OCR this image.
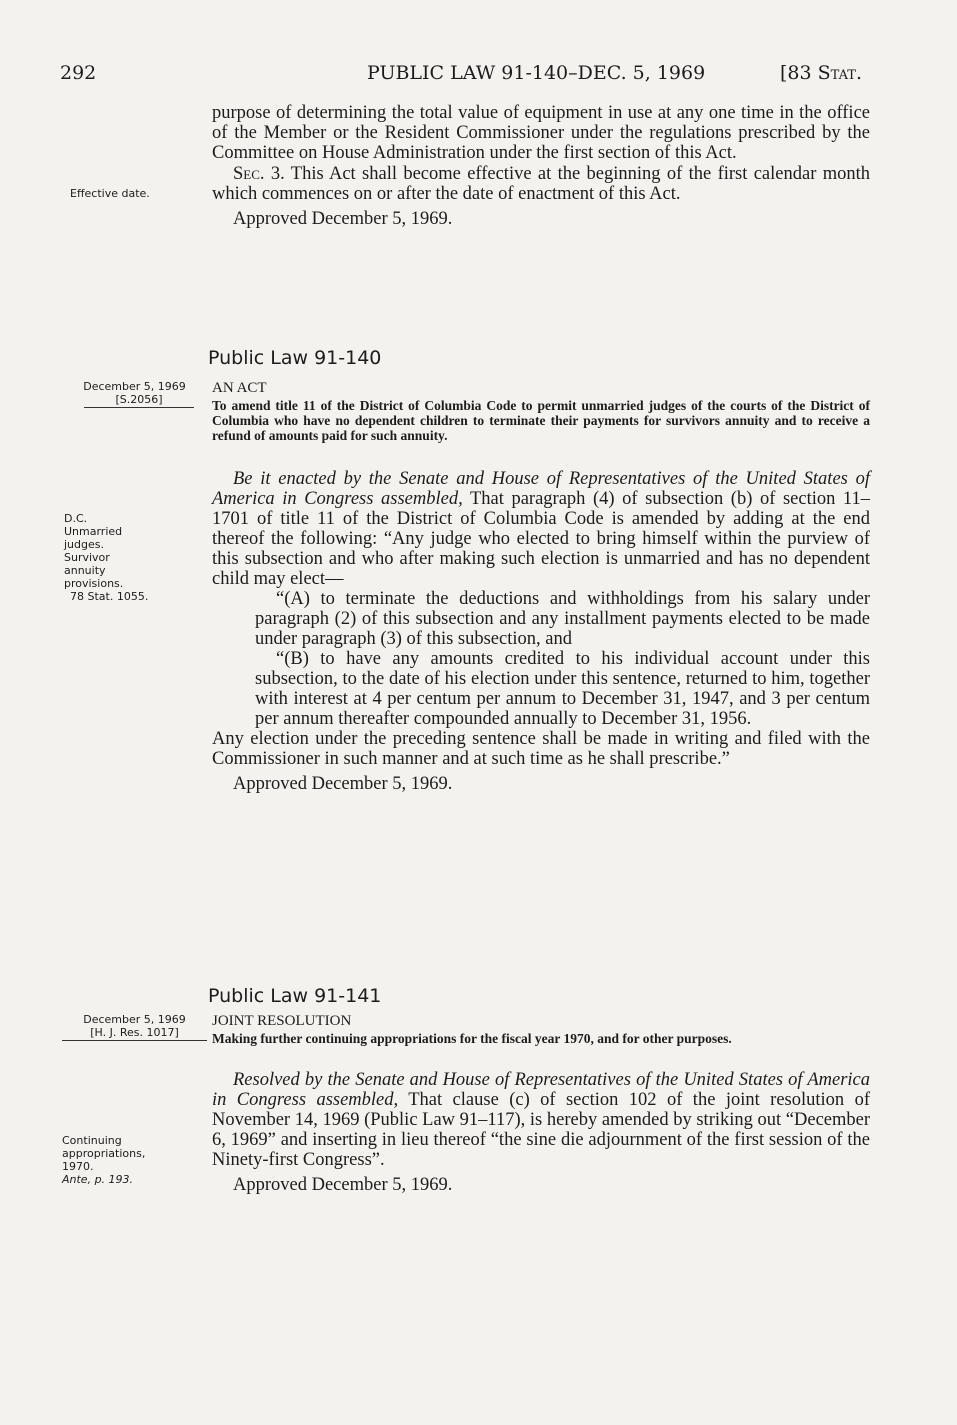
292	PUBLIC LAW 91-140–DEC. 5, 1969	[83 Stat.

purpose of determining the total value of equipment in use at any one time in the office of the Member or the Resident Commissioner under the regulations prescribed by the Committee on House Administration under the first section of this Act.

Sec. 3. This Act shall become effective at the beginning of the first calendar month which commences on or after the date of enactment of this Act.

Approved December 5, 1969.

Effective date.
Public Law 91-140
December 5, 1969
[S.2056]

AN ACT

To amend title 11 of the District of Columbia Code to permit unmarried judges of the courts of the District of Columbia who have no dependent children to terminate their payments for survivors annuity and to receive a refund of amounts paid for such annuity.

Be it enacted by the Senate and House of Representatives of the United States of America in Congress assembled, That paragraph (4) of subsection (b) of section 11–1701 of title 11 of the District of Columbia Code is amended by adding at the end thereof the following: “Any judge who elected to bring himself within the purview of this subsection and who after making such election is unmarried and has no dependent child may elect—

“(A) to terminate the deductions and withholdings from his salary under paragraph (2) of this subsection and any installment payments elected to be made under paragraph (3) of this subsection, and

“(B) to have any amounts credited to his individual account under this subsection, to the date of his election under this sentence, returned to him, together with interest at 4 per centum per annum to December 31, 1947, and 3 per centum per annum thereafter compounded annually to December 31, 1956.

Any election under the preceding sentence shall be made in writing and filed with the Commissioner in such manner and at such time as he shall prescribe.”

Approved December 5, 1969.

D.C.
Unmarried judges.
Survivor annuity provisions.
78 Stat. 1055.
Public Law 91-141
December 5, 1969
[H. J. Res. 1017]

JOINT RESOLUTION

Making further continuing appropriations for the fiscal year 1970, and for other purposes.

Resolved by the Senate and House of Representatives of the United States of America in Congress assembled, That clause (c) of section 102 of the joint resolution of November 14, 1969 (Public Law 91–117), is hereby amended by striking out “December 6, 1969” and inserting in lieu thereof “the sine die adjournment of the first session of the Ninety-first Congress”.

Approved December 5, 1969.

Continuing appropriations, 1970.
Ante, p. 193.
